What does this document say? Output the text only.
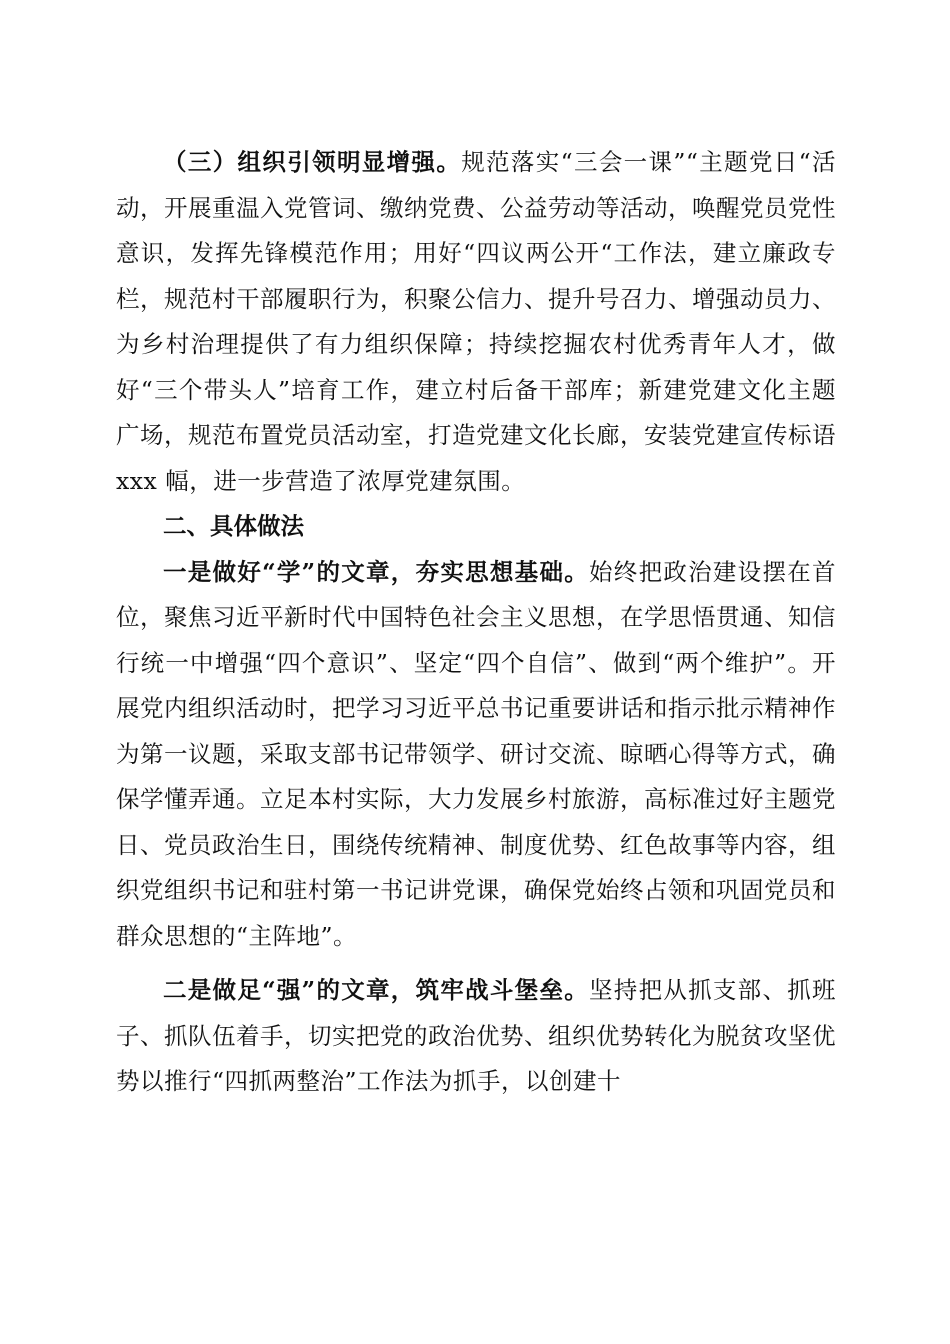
（三）组织引领明显增强。规范落实“三会一课”“主题党日“活动，开展重温入党管词、缴纳党费、公益劳动等活动，唤醒党员党性意识，发挥先锋模范作用；用好“四议两公开“工作法，建立廉政专栏，规范村干部履职行为，积聚公信力、提升号召力、增强动员力、为乡村治理提供了有力组织保障；持续挖掘农村优秀青年人才，做好“三个带头人”培育工作，建立村后备干部库；新建党建文化主题广场，规范布置党员活动室，打造党建文化长廊，安装党建宣传标语 xxx 幅，进一步营造了浓厚党建氛围。

二、具体做法

一是做好“学”的文章，夯实思想基础。始终把政治建设摆在首位，聚焦习近平新时代中国特色社会主义思想，在学思悟贯通、知信行统一中增强“四个意识”、坚定“四个自信”、做到“两个维护”。开展党内组织活动时，把学习习近平总书记重要讲话和指示批示精神作为第一议题，采取支部书记带领学、研讨交流、晾晒心得等方式，确保学懂弄通。立足本村实际，大力发展乡村旅游，高标准过好主题党日、党员政治生日，围绕传统精神、制度优势、红色故事等内容，组织党组织书记和驻村第一书记讲党课，确保党始终占领和巩固党员和群众思想的“主阵地”。

二是做足“强”的文章，筑牢战斗堡垒。坚持把从抓支部、抓班子、抓队伍着手，切实把党的政治优势、组织优势转化为脱贫攻坚优势以推行“四抓两整治”工作法为抓手，以创建十
